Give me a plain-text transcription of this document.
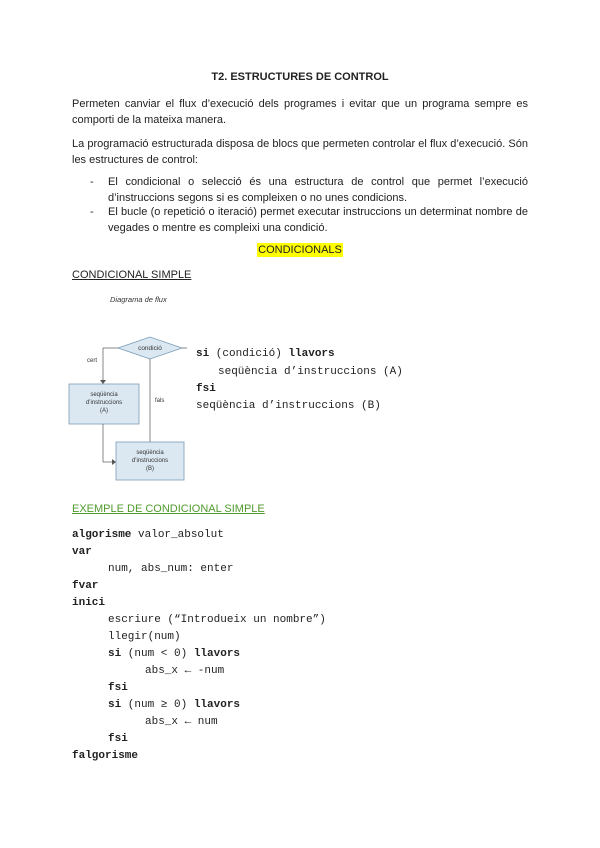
T2. ESTRUCTURES DE CONTROL
Permeten canviar el flux d’execució dels programes i evitar que un programa sempre es comporti de la mateixa manera.
La programació estructurada disposa de blocs que permeten controlar el flux d’execució. Són les estructures de control:
- El condicional o selecció és una estructura de control que permet l’execució d’instruccions segons si es compleixen o no unes condicions.
- El bucle (o repetició o iteració) permet executar instruccions un determinat nombre de vegades o mentre es compleixi una condició.
CONDICIONALS
CONDICIONAL SIMPLE
Diagrama de flux
condició
cert
fals
seqüència
d’instruccions
(A)
seqüència
d’instruccions
(B)
si (condició) llavors
seqüència d’instruccions (A)
fsi
seqüència d’instruccions (B)
EXEMPLE DE CONDICIONAL SIMPLE
algorisme valor_absolut
var
num, abs_num: enter
fvar
inici
escriure (“Introdueix un nombre”)
llegir(num)
si (num < 0) llavors
abs_x ← -num
fsi
si (num ≥ 0) llavors
abs_x ← num
fsi
falgorisme
